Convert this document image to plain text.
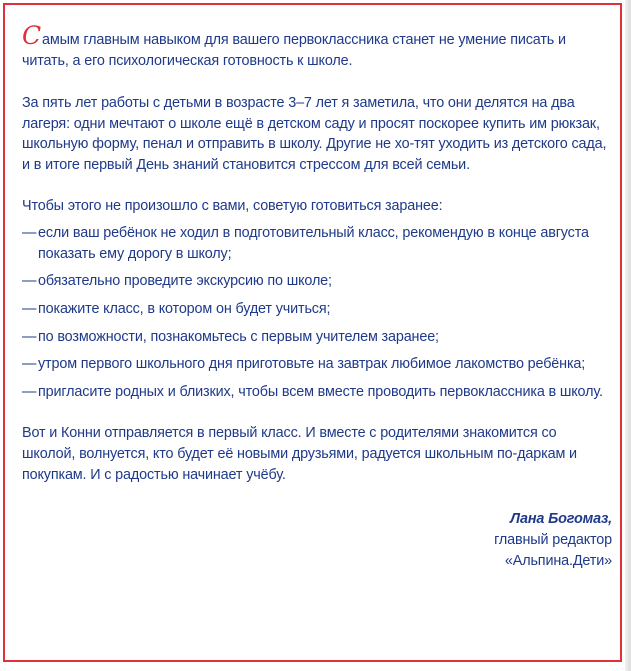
Самым главным навыком для вашего первоклассника станет не умение писать и читать, а его психологическая готовность к школе.

За пять лет работы с детьми в возрасте 3–7 лет я заметила, что они делятся на два лагеря: одни мечтают о школе ещё в детском саду и просят поскорее купить им рюкзак, школьную форму, пенал и отправить в школу. Другие не хо-тят уходить из детского сада, и в итоге первый День знаний становится стрессом для всей семьи.

Чтобы этого не произошло с вами, советую готовиться заранее:

— если ваш ребёнок не ходил в подготовительный класс, рекомендую в конце августа показать ему дорогу в школу;
— обязательно проведите экскурсию по школе;
— покажите класс, в котором он будет учиться;
— по возможности, познакомьтесь с первым учителем заранее;
— утром первого школьного дня приготовьте на завтрак любимое лакомство ребёнка;
— пригласите родных и близких, чтобы всем вместе проводить первоклассника в школу.

Вот и Конни отправляется в первый класс. И вместе с родителями знакомится со школой, волнуется, кто будет её новыми друзьями, радуется школьным по-даркам и покупкам. И с радостью начинает учёбу.

Лана Богомаз,
главный редактор
«Альпина.Дети»
